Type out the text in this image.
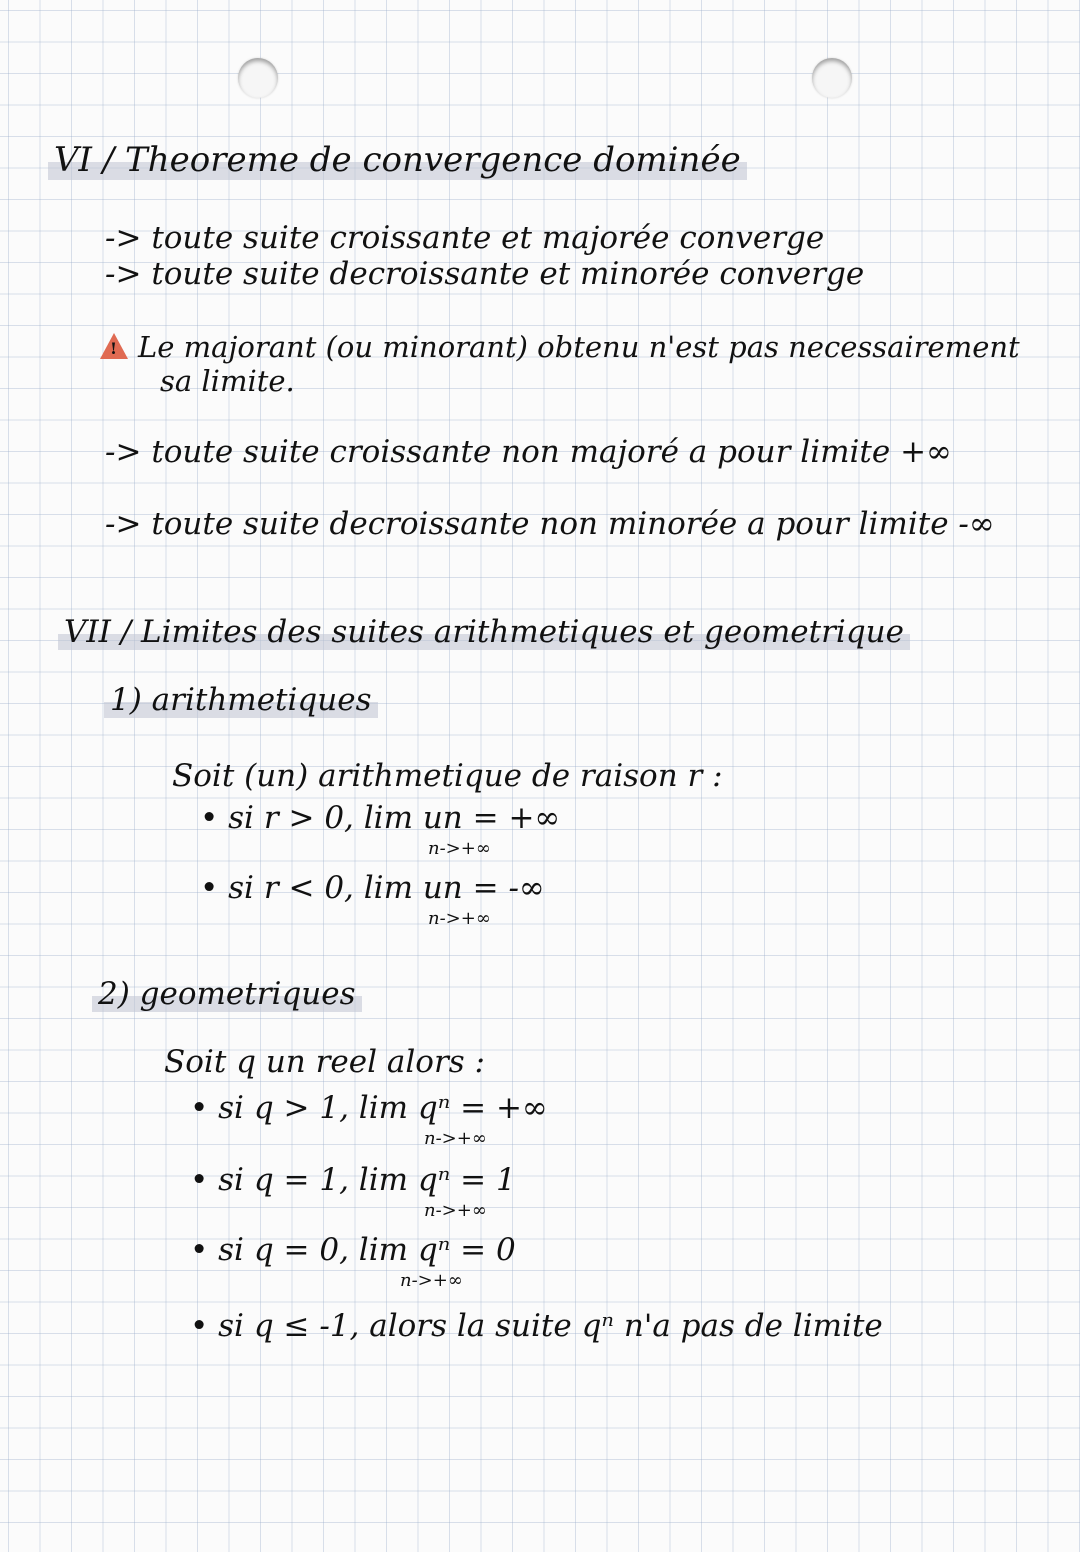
VI / Theoreme de convergence dominée
-> toute suite croissante et majorée converge
-> toute suite decroissante et minorée converge
!Le majorant (ou minorant) obtenu n'est pas necessairement
sa limite.
-> toute suite croissante non majoré a pour limite +∞
-> toute suite decroissante non minorée a pour limite -∞
VII / Limites des suites arithmetiques et geometrique
1) arithmetiques
Soit (un) arithmetique de raison r :
• si r > 0, lim un = +∞
n->+∞
• si r < 0, lim un = -∞
n->+∞
2) geometriques
Soit q un reel alors :
• si q > 1, lim qⁿ = +∞
n->+∞
• si q = 1, lim qⁿ = 1
n->+∞
• si q = 0, lim qⁿ = 0
n->+∞
• si q ≤ -1, alors la suite qⁿ n'a pas de limite
